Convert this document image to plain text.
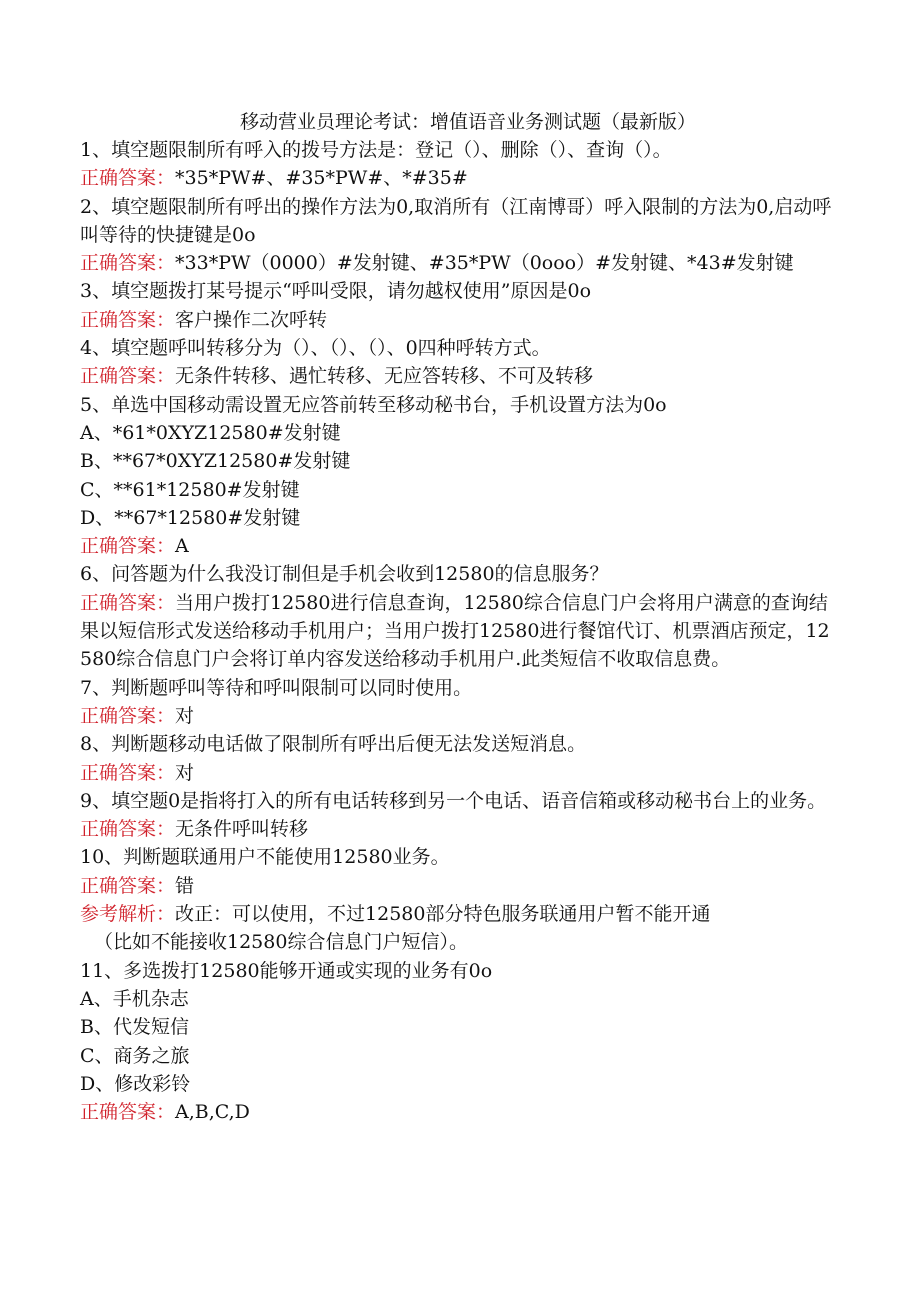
移动营业员理论考试：增值语音业务测试题（最新版）
1、填空题限制所有呼入的拨号方法是：登记（）、删除（）、查询（）。
正确答案：*35*PW#、#35*PW#、*#35#
2、填空题限制所有呼出的操作方法为0,取消所有（江南博哥）呼入限制的方法为0,启动呼叫等待的快捷键是0o
正确答案：*33*PW（0000）#发射键、#35*PW（0ooo）#发射键、*43#发射键
3、填空题拨打某号提示“呼叫受限，请勿越权使用”原因是0o
正确答案：客户操作二次呼转
4、填空题呼叫转移分为（）、（）、（）、0四种呼转方式。
正确答案：无条件转移、遇忙转移、无应答转移、不可及转移
5、单选中国移动需设置无应答前转至移动秘书台，手机设置方法为0o
A、*61*0XYZ12580#发射键
B、**67*0XYZ12580#发射键
C、**61*12580#发射键
D、**67*12580#发射键
正确答案：A
6、问答题为什么我没订制但是手机会收到12580的信息服务？
正确答案：当用户拨打12580进行信息查询，12580综合信息门户会将用户满意的查询结果以短信形式发送给移动手机用户；当用户拨打12580进行餐馆代订、机票酒店预定，12580综合信息门户会将订单内容发送给移动手机用户.此类短信不收取信息费。
7、判断题呼叫等待和呼叫限制可以同时使用。
正确答案：对
8、判断题移动电话做了限制所有呼出后便无法发送短消息。
正确答案：对
9、填空题0是指将打入的所有电话转移到另一个电话、语音信箱或移动秘书台上的业务。
正确答案：无条件呼叫转移
10、判断题联通用户不能使用12580业务。
正确答案：错
参考解析：改正：可以使用，不过12580部分特色服务联通用户暂不能开通
（比如不能接收12580综合信息门户短信）。
11、多选拨打12580能够开通或实现的业务有0o
A、手机杂志
B、代发短信
C、商务之旅
D、修改彩铃
正确答案：A,B,C,D
